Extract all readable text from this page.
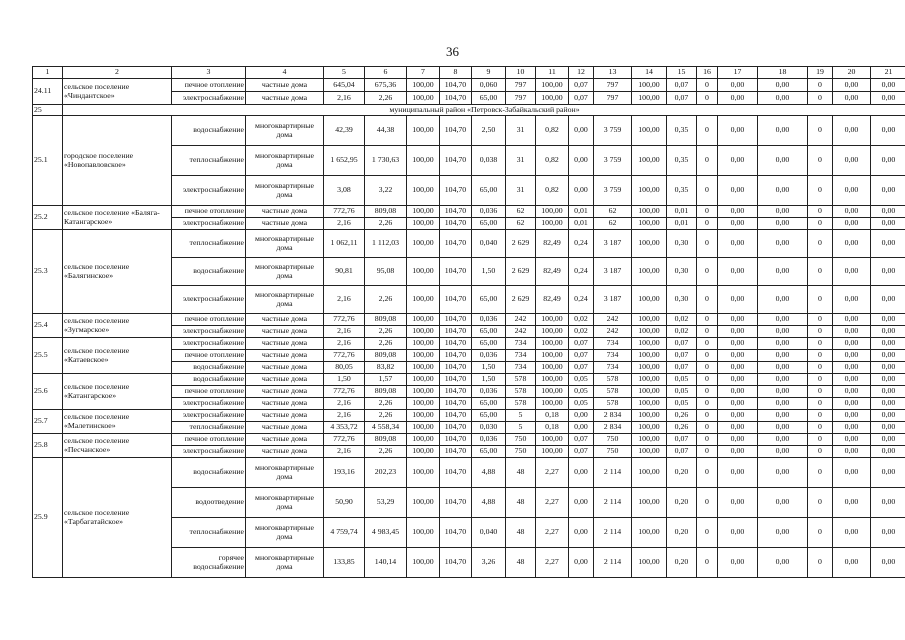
36
1	2	3	4	5	6	7	8	9	10	11	12	13	14	15	16	17	18	19	20	21
24.11	сельское поселение «Чиндантское»	печное отопление	частные дома	645,04	675,36	100,00	104,70	0,060	797	100,00	0,07	797	100,00	0,07	0	0,00	0,00	0	0,00	0,00
		электроснабжение	частные дома	2,16	2,26	100,00	104,70	65,00	797	100,00	0,07	797	100,00	0,07	0	0,00	0,00	0	0,00	0,00
25	муниципальный район «Петровск-Забайкальский район»																			
25.1	городское поселение «Новопавловское»	водоснабжение	многоквартирные дома	42,39	44,38	100,00	104,70	2,50	31	0,82	0,00	3 759	100,00	0,35	0	0,00	0,00	0	0,00	0,00
		теплоснабжение	многоквартирные дома	1 652,95	1 730,63	100,00	104,70	0,038	31	0,82	0,00	3 759	100,00	0,35	0	0,00	0,00	0	0,00	0,00
		электроснабжение	многоквартирные дома	3,08	3,22	100,00	104,70	65,00	31	0,82	0,00	3 759	100,00	0,35	0	0,00	0,00	0	0,00	0,00
25.2	сельское поселение «Баляга-Катангарское»	печное отопление	частные дома	772,76	809,08	100,00	104,70	0,036	62	100,00	0,01	62	100,00	0,01	0	0,00	0,00	0	0,00	0,00
		электроснабжение	частные дома	2,16	2,26	100,00	104,70	65,00	62	100,00	0,01	62	100,00	0,01	0	0,00	0,00	0	0,00	0,00
25.3	сельское поселение «Балягинское»	теплоснабжение	многоквартирные дома	1 062,11	1 112,03	100,00	104,70	0,040	2 629	82,49	0,24	3 187	100,00	0,30	0	0,00	0,00	0	0,00	0,00
		водоснабжение	многоквартирные дома	90,81	95,08	100,00	104,70	1,50	2 629	82,49	0,24	3 187	100,00	0,30	0	0,00	0,00	0	0,00	0,00
		электроснабжение	многоквартирные дома	2,16	2,26	100,00	104,70	65,00	2 629	82,49	0,24	3 187	100,00	0,30	0	0,00	0,00	0	0,00	0,00
25.4	сельское поселение «Зугмарское»	печное отопление	частные дома	772,76	809,08	100,00	104,70	0,036	242	100,00	0,02	242	100,00	0,02	0	0,00	0,00	0	0,00	0,00
		электроснабжение	частные дома	2,16	2,26	100,00	104,70	65,00	242	100,00	0,02	242	100,00	0,02	0	0,00	0,00	0	0,00	0,00
25.5	сельское поселение «Катаевское»	электроснабжение	частные дома	2,16	2,26	100,00	104,70	65,00	734	100,00	0,07	734	100,00	0,07	0	0,00	0,00	0	0,00	0,00
		печное отопление	частные дома	772,76	809,08	100,00	104,70	0,036	734	100,00	0,07	734	100,00	0,07	0	0,00	0,00	0	0,00	0,00
		водоснабжение	частные дома	80,05	83,82	100,00	104,70	1,50	734	100,00	0,07	734	100,00	0,07	0	0,00	0,00	0	0,00	0,00
25.6	сельское поселение «Катангарское»	водоснабжение	частные дома	1,50	1,57	100,00	104,70	1,50	578	100,00	0,05	578	100,00	0,05	0	0,00	0,00	0	0,00	0,00
		печное отопление	частные дома	772,76	809,08	100,00	104,70	0,036	578	100,00	0,05	578	100,00	0,05	0	0,00	0,00	0	0,00	0,00
		электроснабжение	частные дома	2,16	2,26	100,00	104,70	65,00	578	100,00	0,05	578	100,00	0,05	0	0,00	0,00	0	0,00	0,00
25.7	сельское поселение «Малетинское»	электроснабжение	частные дома	2,16	2,26	100,00	104,70	65,00	5	0,18	0,00	2 834	100,00	0,26	0	0,00	0,00	0	0,00	0,00
		теплоснабжение	частные дома	4 353,72	4 558,34	100,00	104,70	0,030	5	0,18	0,00	2 834	100,00	0,26	0	0,00	0,00	0	0,00	0,00
25.8	сельское поселение «Песчанское»	печное отопление	частные дома	772,76	809,08	100,00	104,70	0,036	750	100,00	0,07	750	100,00	0,07	0	0,00	0,00	0	0,00	0,00
		электроснабжение	частные дома	2,16	2,26	100,00	104,70	65,00	750	100,00	0,07	750	100,00	0,07	0	0,00	0,00	0	0,00	0,00
25.9	сельское поселение «Тарбагатайское»	водоснабжение	многоквартирные дома	193,16	202,23	100,00	104,70	4,88	48	2,27	0,00	2 114	100,00	0,20	0	0,00	0,00	0	0,00	0,00
		водоотведение	многоквартирные дома	50,90	53,29	100,00	104,70	4,88	48	2,27	0,00	2 114	100,00	0,20	0	0,00	0,00	0	0,00	0,00
		теплоснабжение	многоквартирные дома	4 759,74	4 983,45	100,00	104,70	0,040	48	2,27	0,00	2 114	100,00	0,20	0	0,00	0,00	0	0,00	0,00
		горячее водоснабжение	многоквартирные дома	133,85	140,14	100,00	104,70	3,26	48	2,27	0,00	2 114	100,00	0,20	0	0,00	0,00	0	0,00	0,00
